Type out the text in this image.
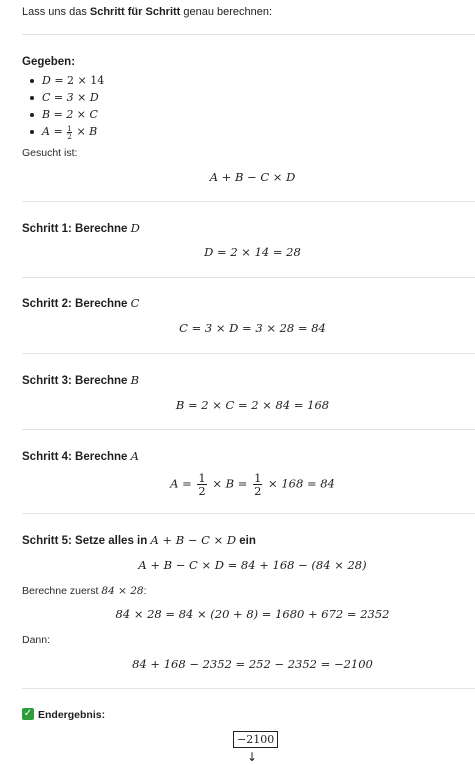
Lass uns das Schritt für Schritt genau berechnen:
Gegeben:
D = 2 × 14
C = 3 × D
B = 2 × C
$A = \frac{1}{2} \times B$
Gesucht ist:
A + B − C × D
Schritt 1: Berechne D
D = 2 × 14 = 28
Schritt 2: Berechne C
C = 3 × D = 3 × 28 = 84
Schritt 3: Berechne B
B = 2 × C = 2 × 84 = 168
Schritt 4: Berechne A
$A = \frac{1}{2} \times B = \frac{1}{2} \times 168 = 84$
Schritt 5: Setze alles in A + B − C × D ein
A + B − C × D = 84 + 168 − (84 × 28)
Berechne zuerst 84 × 28:
84 × 28 = 84 × (20 + 8) = 1680 + 672 = 2352
Dann:
84 + 168 − 2352 = 252 − 2352 = −2100
✓ Endergebnis:
−2100
↓
